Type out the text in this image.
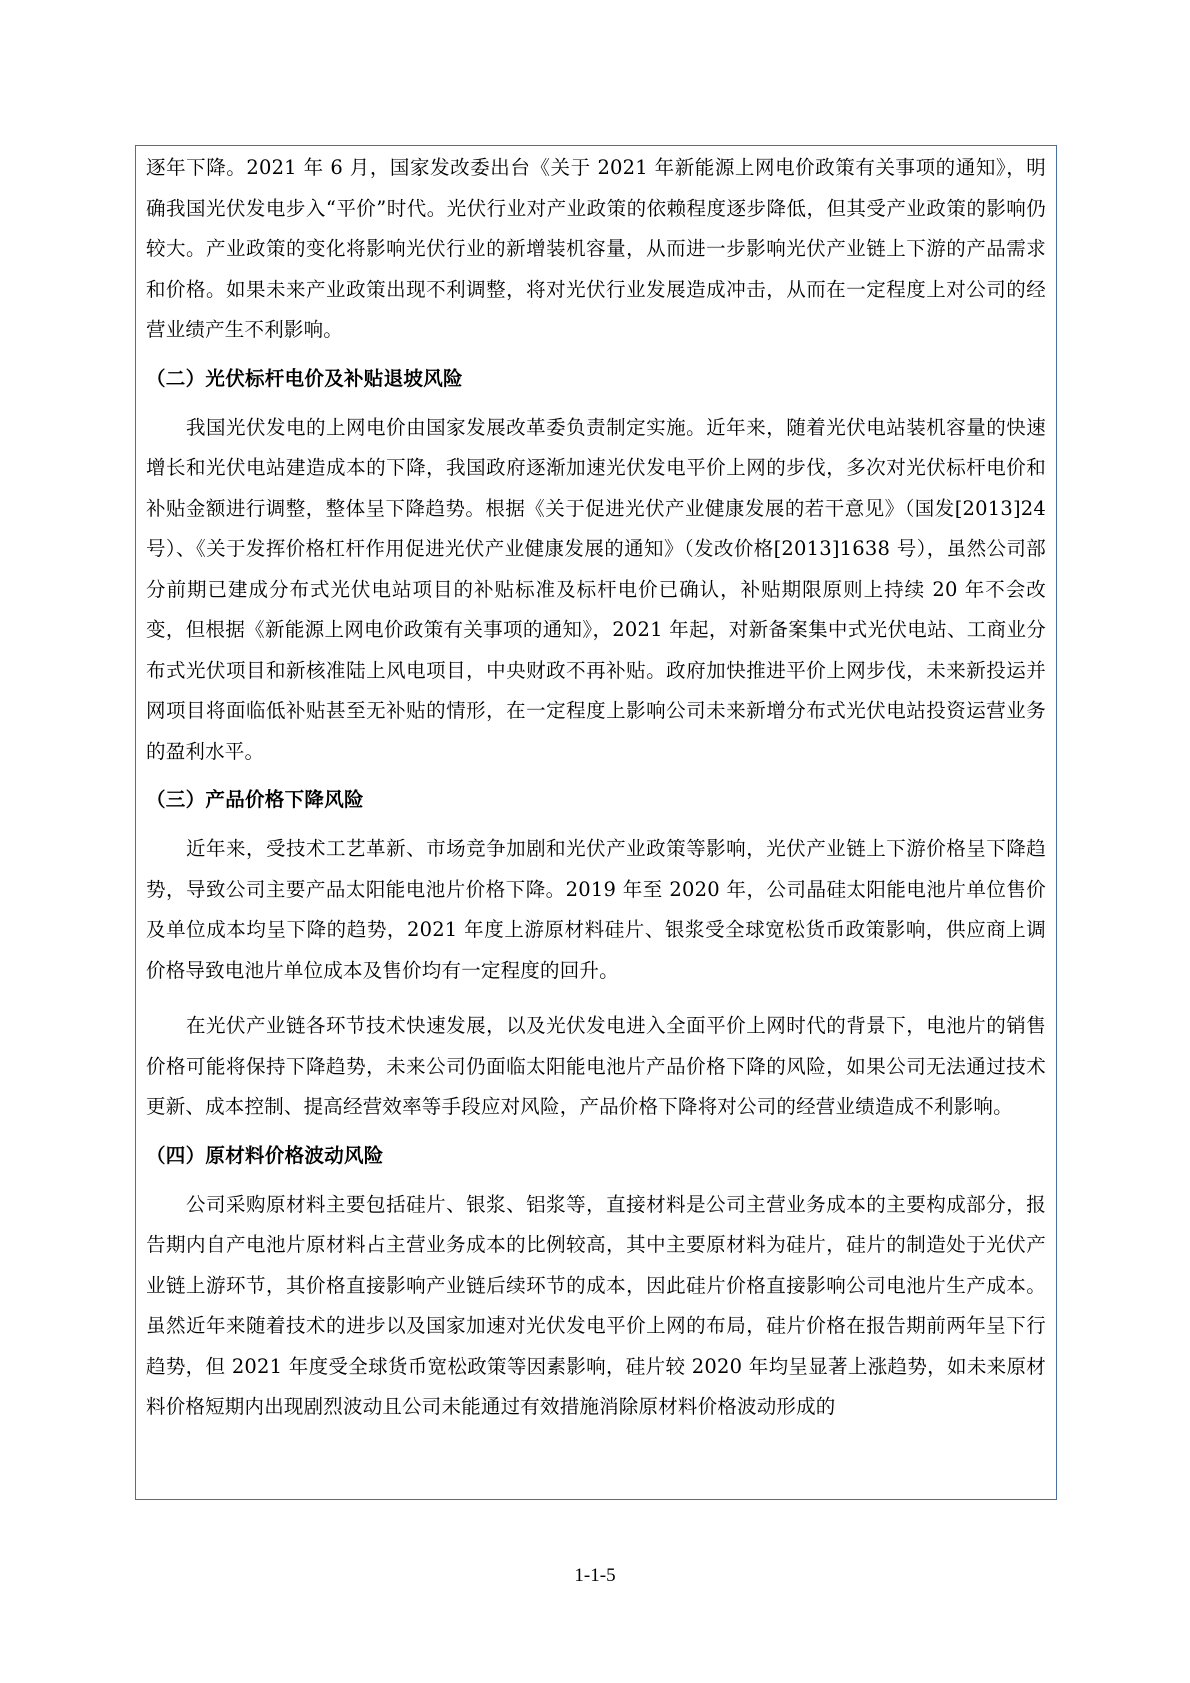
逐年下降。2021 年 6 月，国家发改委出台《关于 2021 年新能源上网电价政策有关事项的通知》，明确我国光伏发电步入“平价”时代。光伏行业对产业政策的依赖程度逐步降低，但其受产业政策的影响仍较大。产业政策的变化将影响光伏行业的新增装机容量，从而进一步影响光伏产业链上下游的产品需求和价格。如果未来产业政策出现不利调整，将对光伏行业发展造成冲击，从而在一定程度上对公司的经营业绩产生不利影响。

（二）光伏标杆电价及补贴退坡风险

我国光伏发电的上网电价由国家发展改革委负责制定实施。近年来，随着光伏电站装机容量的快速增长和光伏电站建造成本的下降，我国政府逐渐加速光伏发电平价上网的步伐，多次对光伏标杆电价和补贴金额进行调整，整体呈下降趋势。根据《关于促进光伏产业健康发展的若干意见》（国发[2013]24 号）、《关于发挥价格杠杆作用促进光伏产业健康发展的通知》（发改价格[2013]1638 号），虽然公司部分前期已建成分布式光伏电站项目的补贴标准及标杆电价已确认，补贴期限原则上持续 20 年不会改变，但根据《新能源上网电价政策有关事项的通知》，2021 年起，对新备案集中式光伏电站、工商业分布式光伏项目和新核准陆上风电项目，中央财政不再补贴。政府加快推进平价上网步伐，未来新投运并网项目将面临低补贴甚至无补贴的情形，在一定程度上影响公司未来新增分布式光伏电站投资运营业务的盈利水平。

（三）产品价格下降风险

近年来，受技术工艺革新、市场竞争加剧和光伏产业政策等影响，光伏产业链上下游价格呈下降趋势，导致公司主要产品太阳能电池片价格下降。2019 年至 2020 年，公司晶硅太阳能电池片单位售价及单位成本均呈下降的趋势，2021 年度上游原材料硅片、银浆受全球宽松货币政策影响，供应商上调价格导致电池片单位成本及售价均有一定程度的回升。

在光伏产业链各环节技术快速发展，以及光伏发电进入全面平价上网时代的背景下，电池片的销售价格可能将保持下降趋势，未来公司仍面临太阳能电池片产品价格下降的风险，如果公司无法通过技术更新、成本控制、提高经营效率等手段应对风险，产品价格下降将对公司的经营业绩造成不利影响。

（四）原材料价格波动风险

公司采购原材料主要包括硅片、银浆、铝浆等，直接材料是公司主营业务成本的主要构成部分，报告期内自产电池片原材料占主营业务成本的比例较高，其中主要原材料为硅片，硅片的制造处于光伏产业链上游环节，其价格直接影响产业链后续环节的成本，因此硅片价格直接影响公司电池片生产成本。虽然近年来随着技术的进步以及国家加速对光伏发电平价上网的布局，硅片价格在报告期前两年呈下行趋势，但 2021 年度受全球货币宽松政策等因素影响，硅片较 2020 年均呈显著上涨趋势，如未来原材料价格短期内出现剧烈波动且公司未能通过有效措施消除原材料价格波动形成的

1-1-5
